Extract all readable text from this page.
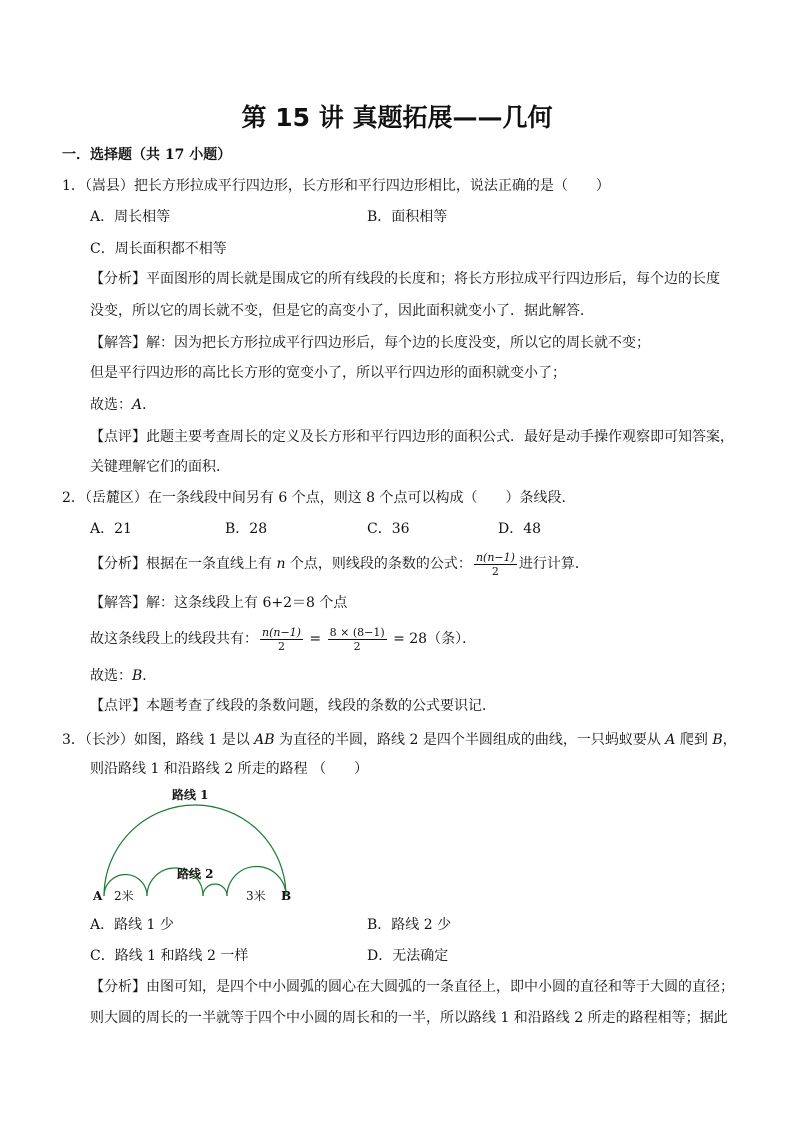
第 15 讲 真题拓展——几何
一．选择题（共 17 小题）
1．（嵩县）把长方形拉成平行四边形，长方形和平行四边形相比，说法正确的是（　　）
A．周长相等	B．面积相等
C．周长面积都不相等
【分析】平面图形的周长就是围成它的所有线段的长度和；将长方形拉成平行四边形后，每个边的长度
没变，所以它的周长就不变，但是它的高变小了，因此面积就变小了．据此解答．
【解答】解：因为把长方形拉成平行四边形后，每个边的长度没变，所以它的周长就不变；
但是平行四边形的高比长方形的宽变小了，所以平行四边形的面积就变小了；
故选：A．
【点评】此题主要考查周长的定义及长方形和平行四边形的面积公式．最好是动手操作观察即可知答案，
关键理解它们的面积．
2．（岳麓区）在一条线段中间另有 6 个点，则这 8 个点可以构成（　　）条线段．
A．21	B．28	C．36	D．48
【分析】根据在一条直线上有 n 个点，则线段的条数的公式： $\frac{n(n-1)}{2}$ 进行计算．
【解答】解：这条线段上有 6+2＝8 个点
故这条线段上的线段共有： $\frac{n(n-1)}{2} = \frac{8 \times (8-1)}{2} = 28$（条）．
故选：B．
【点评】本题考查了线段的条数问题，线段的条数的公式要识记．
3．（长沙）如图，路线 1 是以 AB 为直径的半圆，路线 2 是四个半圆组成的曲线，一只蚂蚁要从 A 爬到 B，
则沿路线 1 和沿路线 2 所走的路程 （　　）
路线 1
路线 2
A	B
2米	3米
A．路线 1 少	B．路线 2 少
C．路线 1 和路线 2 一样	D．无法确定
【分析】由图可知，是四个中小圆弧的圆心在大圆弧的一条直径上，即中小圆的直径和等于大圆的直径；
则大圆的周长的一半就等于四个中小圆的周长和的一半，所以路线 1 和沿路线 2 所走的路程相等；据此
